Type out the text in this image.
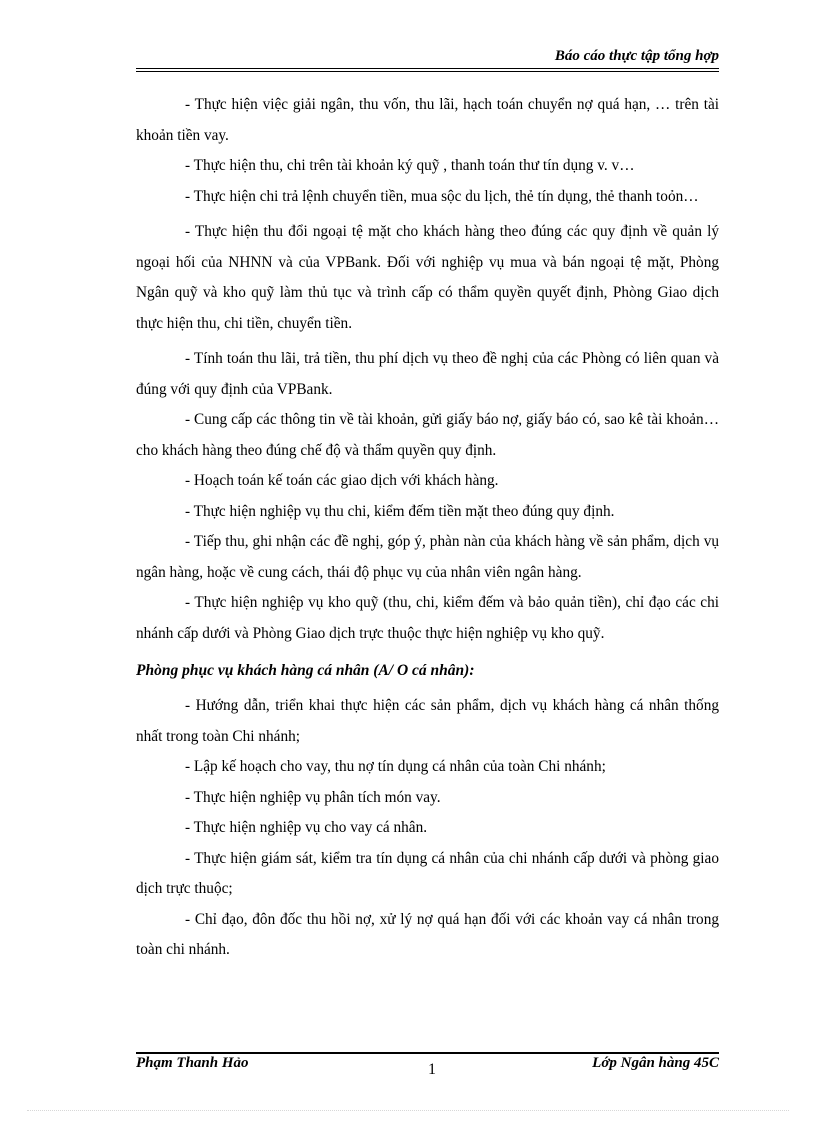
Báo cáo thực tập tổng hợp

- Thực hiện việc giải ngân, thu vốn, thu lãi, hạch toán chuyển nợ quá hạn, … trên tài khoản tiền vay.

- Thực hiện thu, chi trên tài khoản ký quỹ , thanh toán thư tín dụng v. v…

- Thực hiện chi trả lệnh chuyển tiền, mua sộc du lịch, thẻ tín dụng, thẻ thanh toỏn…

- Thực hiện thu đổi ngoại tệ mặt cho khách hàng theo đúng các quy định về quản lý ngoại hối của NHNN và của VPBank. Đối với nghiệp vụ mua và bán ngoại tệ mặt, Phòng Ngân quỹ và kho quỹ làm thủ tục và trình cấp có thẩm quyền quyết định, Phòng Giao dịch thực hiện thu, chi tiền, chuyển tiền.

- Tính toán thu lãi, trả tiền, thu phí dịch vụ theo đề nghị của các Phòng có liên quan và đúng với quy định của VPBank.

- Cung cấp các thông tin về tài khoản, gửi giấy báo nợ, giấy báo có, sao kê tài khoản… cho khách hàng theo đúng chế độ và thẩm quyền quy định.

- Hoạch toán kế toán các giao dịch với khách hàng.

- Thực hiện nghiệp vụ thu chi, kiểm đếm tiền mặt theo đúng quy định.

- Tiếp thu, ghi nhận các đề nghị, góp ý, phàn nàn của khách hàng về sản phẩm, dịch vụ ngân hàng, hoặc về cung cách, thái độ phục vụ của nhân viên ngân hàng.

- Thực hiện nghiệp vụ kho quỹ (thu, chi, kiểm đếm và bảo quản tiền), chỉ đạo các chi nhánh cấp dưới và Phòng Giao dịch trực thuộc thực hiện nghiệp vụ kho quỹ.

Phòng phục vụ khách hàng cá nhân (A/ O cá nhân):

- Hướng dẫn, triển khai thực hiện các sản phẩm, dịch vụ khách hàng cá nhân thống nhất trong toàn Chi nhánh;

- Lập kế hoạch cho vay, thu nợ tín dụng cá nhân của toàn Chi nhánh;

- Thực hiện nghiệp vụ phân tích món vay.

- Thực hiện nghiệp vụ cho vay cá nhân.

- Thực hiện giám sát, kiểm tra tín dụng cá nhân của chi nhánh cấp dưới và phòng giao dịch trực thuộc;

- Chỉ đạo, đôn đốc thu hồi nợ, xử lý nợ quá hạn đối với các khoản vay cá nhân trong toàn chi nhánh.

Phạm Thanh Hảo	1	Lớp Ngân hàng 45C
